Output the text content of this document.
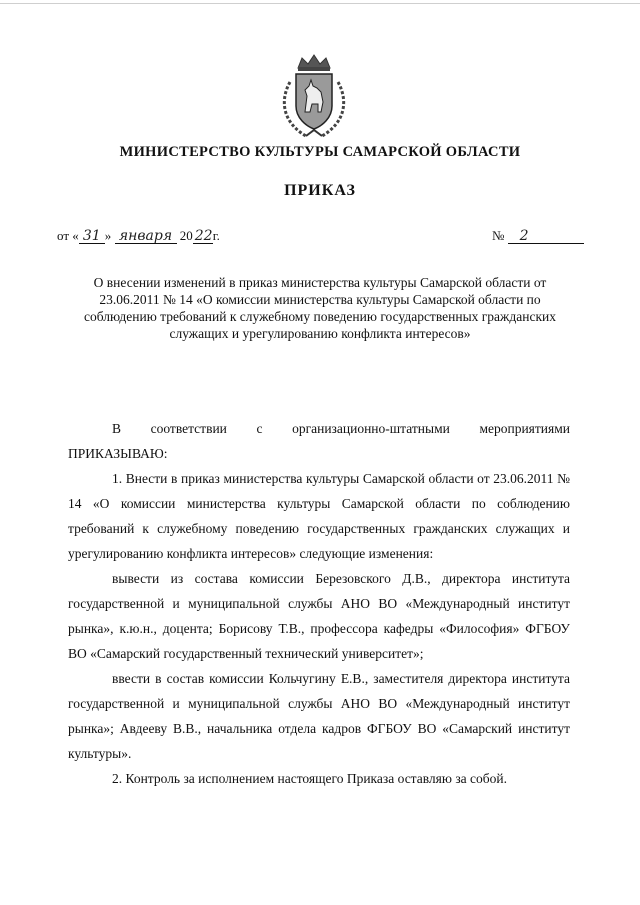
МИНИСТЕРСТВО КУЛЬТУРЫ САМАРСКОЙ ОБЛАСТИ
ПРИКАЗ
от « 31 » января 20 22г.	№ 2
О внесении изменений в приказ министерства культуры Самарской области от 23.06.2011 № 14 «О комиссии министерства культуры Самарской области по соблюдению требований к служебному поведению государственных гражданских служащих и урегулированию конфликта интересов»
В соответствии с организационно-штатными мероприятиями

ПРИКАЗЫВАЮ:

1. Внести в приказ министерства культуры Самарской области от 23.06.2011 № 14 «О комиссии министерства культуры Самарской области по соблюдению требований к служебному поведению государственных гражданских служащих и урегулированию конфликта интересов» следующие изменения:

вывести из состава комиссии Березовского Д.В., директора института государственной и муниципальной службы АНО ВО «Международный институт рынка», к.ю.н., доцента; Борисову Т.В., профессора кафедры «Философия» ФГБОУ ВО «Самарский государственный технический университет»;

ввести в состав комиссии Кольчугину Е.В., заместителя директора института государственной и муниципальной службы АНО ВО «Международный институт рынка»; Авдееву В.В., начальника отдела кадров ФГБОУ ВО «Самарский институт культуры».

2. Контроль за исполнением настоящего Приказа оставляю за собой.
